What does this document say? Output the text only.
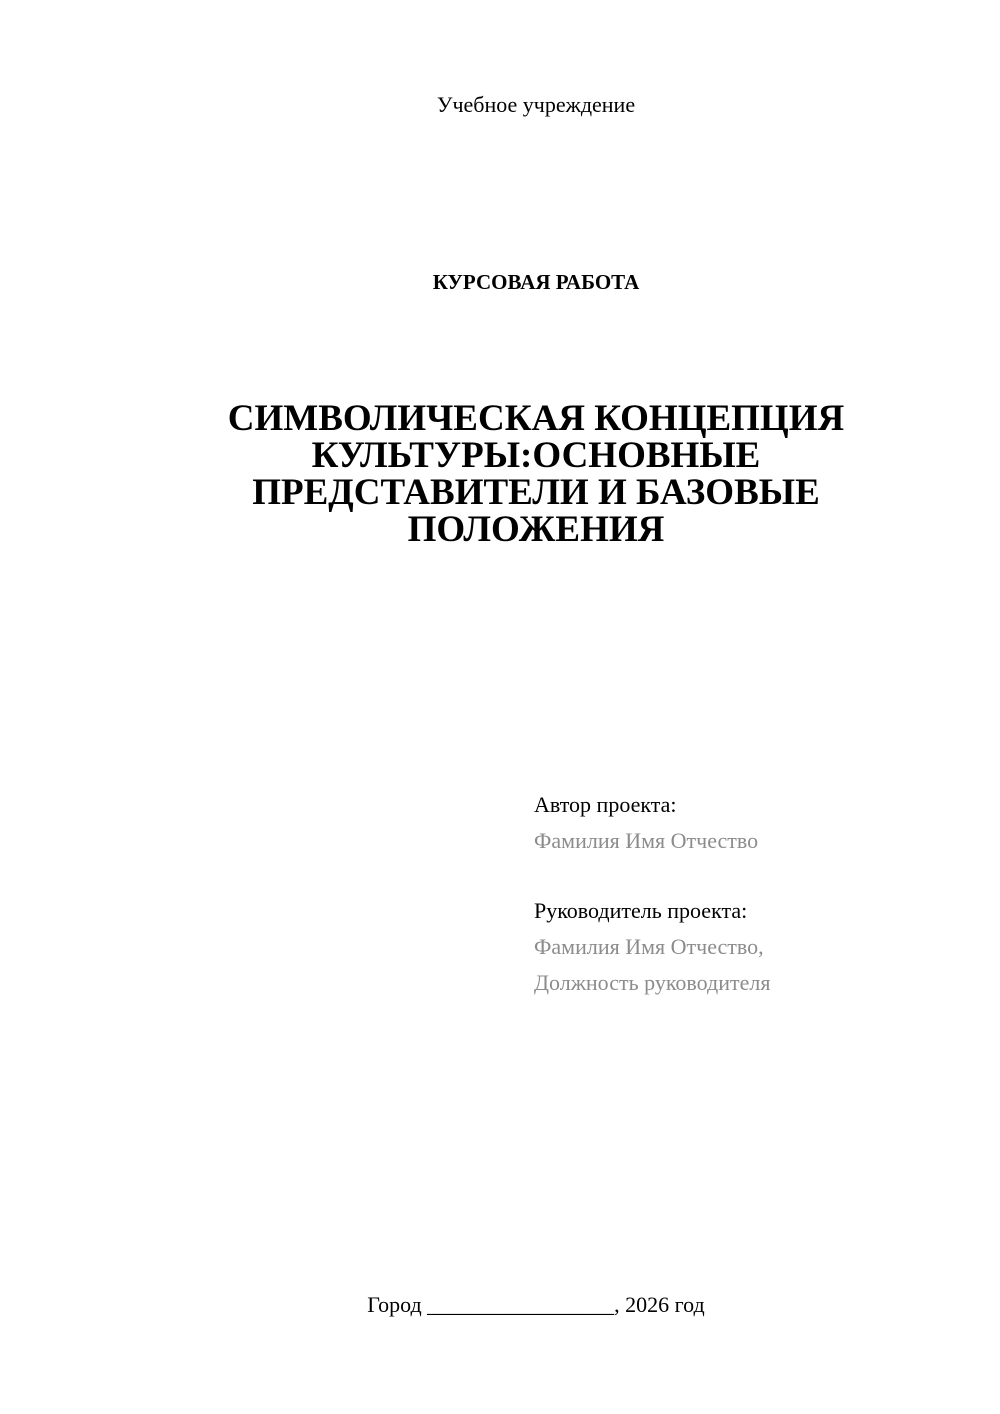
Учебное учреждение
КУРСОВАЯ РАБОТА
СИМВОЛИЧЕСКАЯ КОНЦЕПЦИЯ
КУЛЬТУРЫ:ОСНОВНЫЕ
ПРЕДСТАВИТЕЛИ И БАЗОВЫЕ
ПОЛОЖЕНИЯ
Автор проекта:
Фамилия Имя Отчество
Руководитель проекта:
Фамилия Имя Отчество,
Должность руководителя
Город _________________, 2026 год
